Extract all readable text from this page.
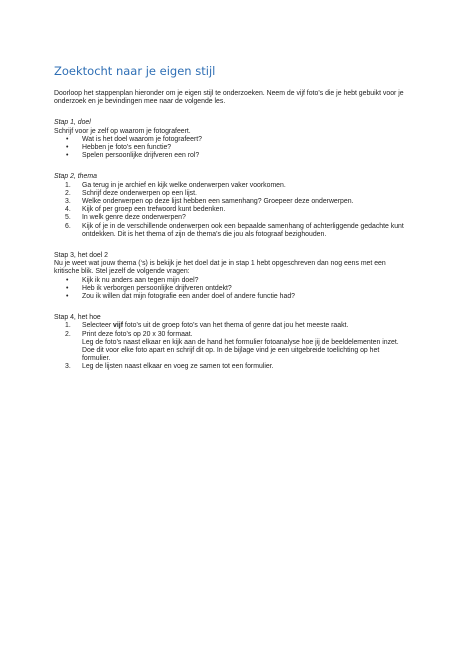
Zoektocht naar je eigen stijl

Doorloop het stappenplan hieronder om je eigen stijl te onderzoeken. Neem de vijf foto’s die je hebt gebuikt voor je onderzoek en je bevindingen mee naar de volgende les.

Stap 1, doel

Schrijf voor je zelf op waarom je fotografeert.

• Wat is het doel waarom je fotografeert?
• Hebben je foto’s een functie?
• Spelen persoonlijke drijfveren een rol?

Stap 2, thema

1. Ga terug in je archief en kijk welke onderwerpen vaker voorkomen.
2. Schrijf deze onderwerpen op een lijst.
3. Welke onderwerpen op deze lijst hebben een samenhang? Groepeer deze onderwerpen.
4. Kijk of per groep een trefwoord kunt bedenken.
5. In welk genre deze onderwerpen?
6. Kijk of je in de verschillende onderwerpen ook een bepaalde samenhang of achterliggende gedachte kunt ontdekken. Dit is het thema of zijn de thema’s die jou als fotograaf bezighouden.

Stap 3, het doel 2

Nu je weet wat jouw thema (‘s) is bekijk je het doel dat je in stap 1 hebt opgeschreven dan nog eens met een kritische blik. Stel jezelf de volgende vragen:

• Kijk ik nu anders aan tegen mijn doel?
• Heb ik verborgen persoonlijke drijfveren ontdekt?
• Zou ik willen dat mijn fotografie een ander doel of andere functie had?

Stap 4, het hoe

1. Selecteer vijf foto’s uit de groep foto’s van het thema of genre dat jou het meeste raakt.
2. Print deze foto’s op 20 x 30 formaat.

Leg de foto’s naast elkaar en kijk aan de hand het formulier fotoanalyse hoe jij de beeldelementen inzet. Doe dit voor elke foto apart en schrijf dit op. In de bijlage vind je een uitgebreide toelichting op het formulier.

3. Leg de lijsten naast elkaar en voeg ze samen tot een formulier.
